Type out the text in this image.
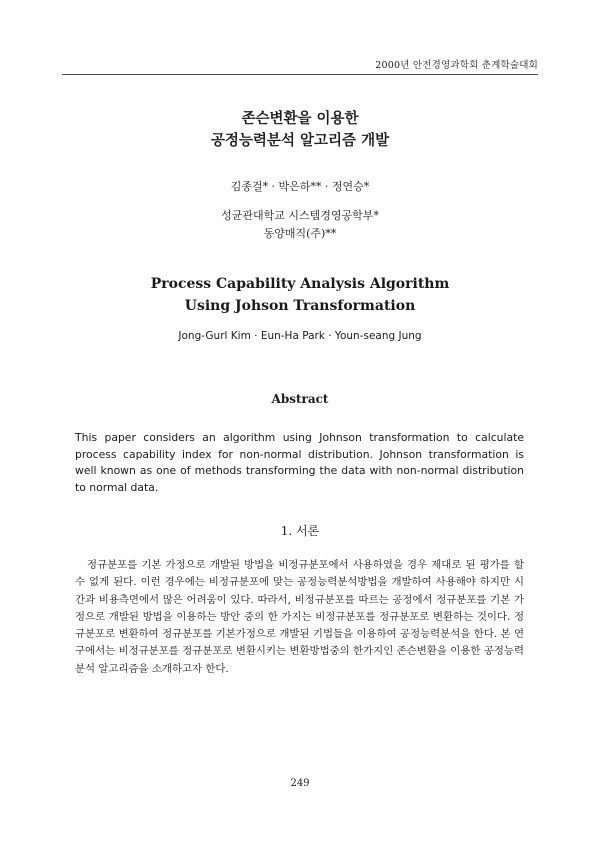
2000년 안전경영과학회 춘계학술대회
존슨변환을 이용한
공정능력분석 알고리즘 개발
김종걸* · 박은하** · 정연승*
성균관대학교 시스템경영공학부*
동양매직(주)**
Process Capability Analysis Algorithm
Using Johson Transformation
Jong-Gurl Kim · Eun-Ha Park · Youn-seang Jung
Abstract
This paper considers an algorithm using Johnson transformation to calculate process capability index for non-normal distribution. Johnson transformation is well known as one of methods transforming the data with non-normal distribution to normal data.
1. 서론
정규분포를 기본 가정으로 개발된 방법을 비정규분포에서 사용하였을 경우 제대로 된 평가를 할 수 없게 된다. 이런 경우에는 비정규분포에 맞는 공정능력분석방법을 개발하여 사용해야 하지만 시간과 비용측면에서 많은 어려움이 있다. 따라서, 비정규분포를 따르는 공정에서 정규분포를 기본 가정으로 개발된 방법을 이용하는 방안 중의 한 가지는 비정규분포를 정규분포로 변환하는 것이다. 정규분포로 변환하여 정규분포를 기본가정으로 개발된 기법들을 이용하여 공정능력분석을 한다. 본 연구에서는 비정규분포를 정규분포로 변환시키는 변환방법중의 한가지인 존슨변환을 이용한 공정능력분석 알고리즘을 소개하고자 한다.
249
